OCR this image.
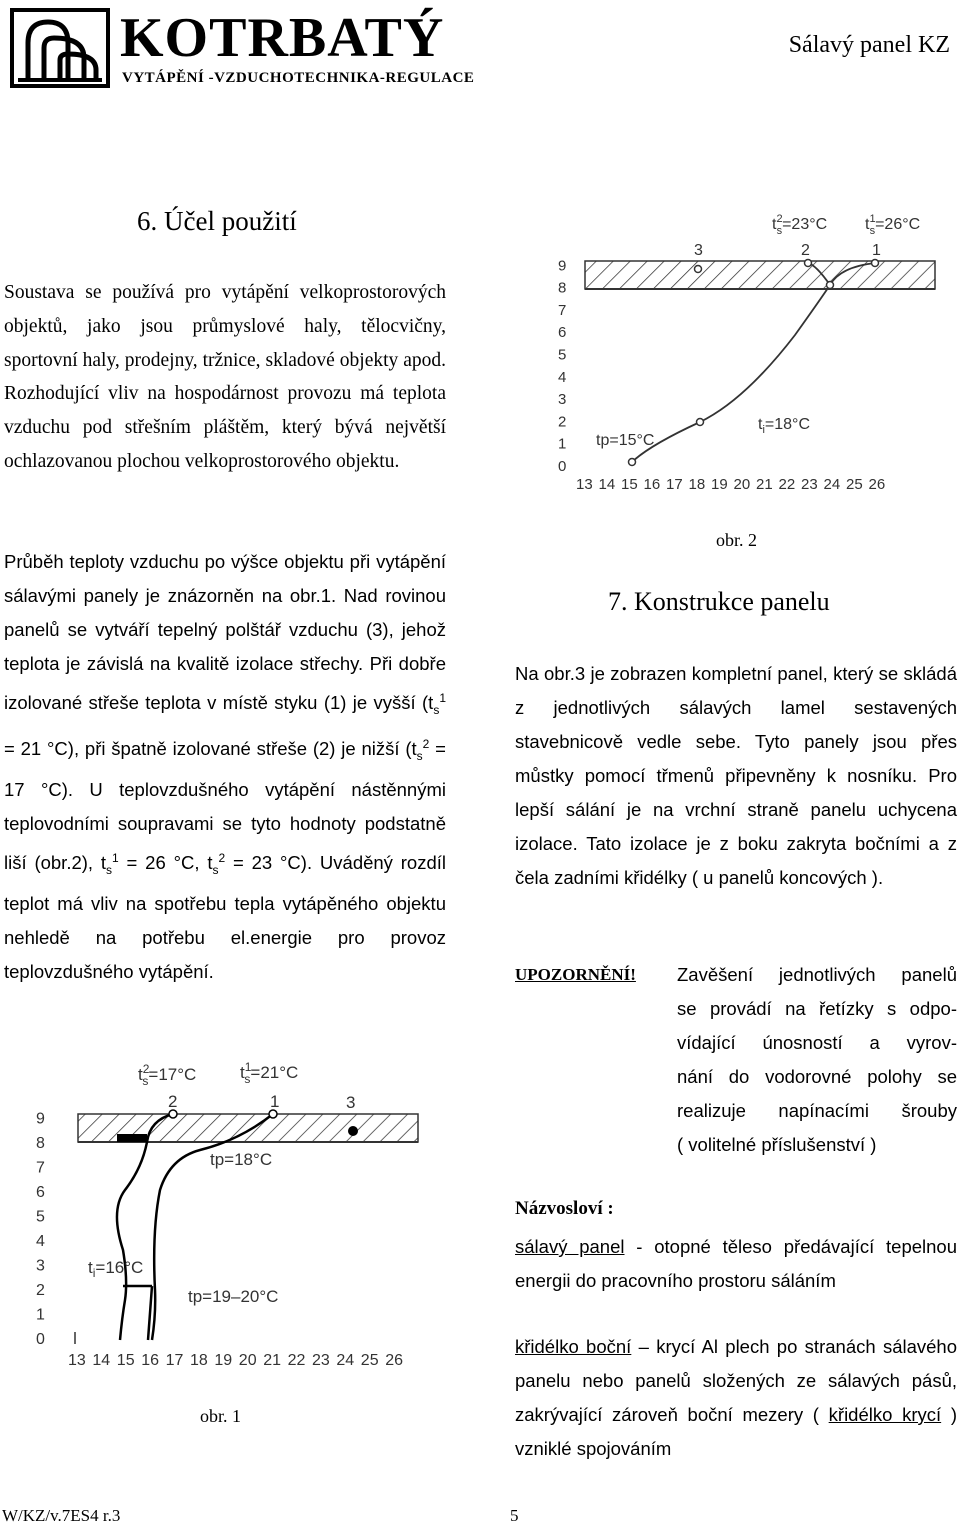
KOTRBATÝ
VYTÁPĚNÍ -VZDUCHOTECHNIKA-REGULACE
Sálavý panel KZ
6. Účel použití

Soustava se používá pro vytápění velkoprostorových objektů, jako jsou průmyslové haly, tělocvičny, sportovní haly, prodejny, tržnice, skladové objekty apod. Rozhodující vliv na hospodárnost provozu má teplota vzduchu pod střešním pláštěm, který bývá největší ochlazovanou plochou velkoprostorového objektu.

Průběh teploty vzduchu po výšce objektu při vytápění sálavými panely je znázorněn na obr.1. Nad rovinou panelů se vytváří tepelný polštář vzduchu (3), jehož teplota je závislá na kvalitě izolace střechy. Při dobře izolované střeše teplota v místě styku (1) je vyšší ($t_s^1 = 21$ °C), při špatně izolované střeše (2) je nižší ($t_s^2 = 17$ °C). U teplovzdušného vytápění nástěnnými teplovodními soupravami se tyto hodnoty podstatně liší (obr.2), $t_s^1 = 26$ °C, $t_s^2 = 23$ °C). Uváděný rozdíl teplot má vliv na spotřebu tepla vytápěného objektu nehledě na potřebu el.energie pro provoz teplovzdušného vytápění.
0
1
2
3
4
5
6
7
8
9
13 14 15 16 17 18 19 20 21 22 23 24 25 26
$t^2$ s=17°C	$t^1$ s=21°C
2	1	3
tp=18°C
$t_i=16^\circ C$
tp=19–20°C
obr. 1
0
1
2
3
4
5
6
7
8
9
13 14 15 16 17 18 19 20 21 22 23 24 25 26
$t^2$ s=23°C $t^1$ s=26°C
3	2	1
$t_i=18^\circ C$
tp=15°C
obr. 2
7. Konstrukce panelu
Na obr.3 je zobrazen kompletní panel, který se skládá z jednotlivých sálavých lamel sestavených stavebnicově vedle sebe. Tyto panely jsou přes můstky pomocí třmenů připevněny k nosníku. Pro lepší sálání je na vrchní straně panelu uchycena izolace. Tato izolace je z boku zakryta bočními a z čela zadními křidélky ( u panelů koncových ).
UPOZORNĚNÍ! Zavěšení jednotlivých panelů
se provádí na řetízky s odpo-
vídající únosností a vyrov-
nání do vodorovné polohy se
realizuje napínacími šrouby
( volitelné příslušenství )
Názvosloví :
sálavý panel - otopné těleso předávající tepelnou energii do pracovního prostoru sáláním
křidélko boční – krycí Al plech po stranách sálavého panelu nebo panelů složených ze sálavých pásů, zakrývající zároveň boční mezery ( křidélko krycí ) vzniklé spojováním
W/KZ/v.7ES4 r.3	5
